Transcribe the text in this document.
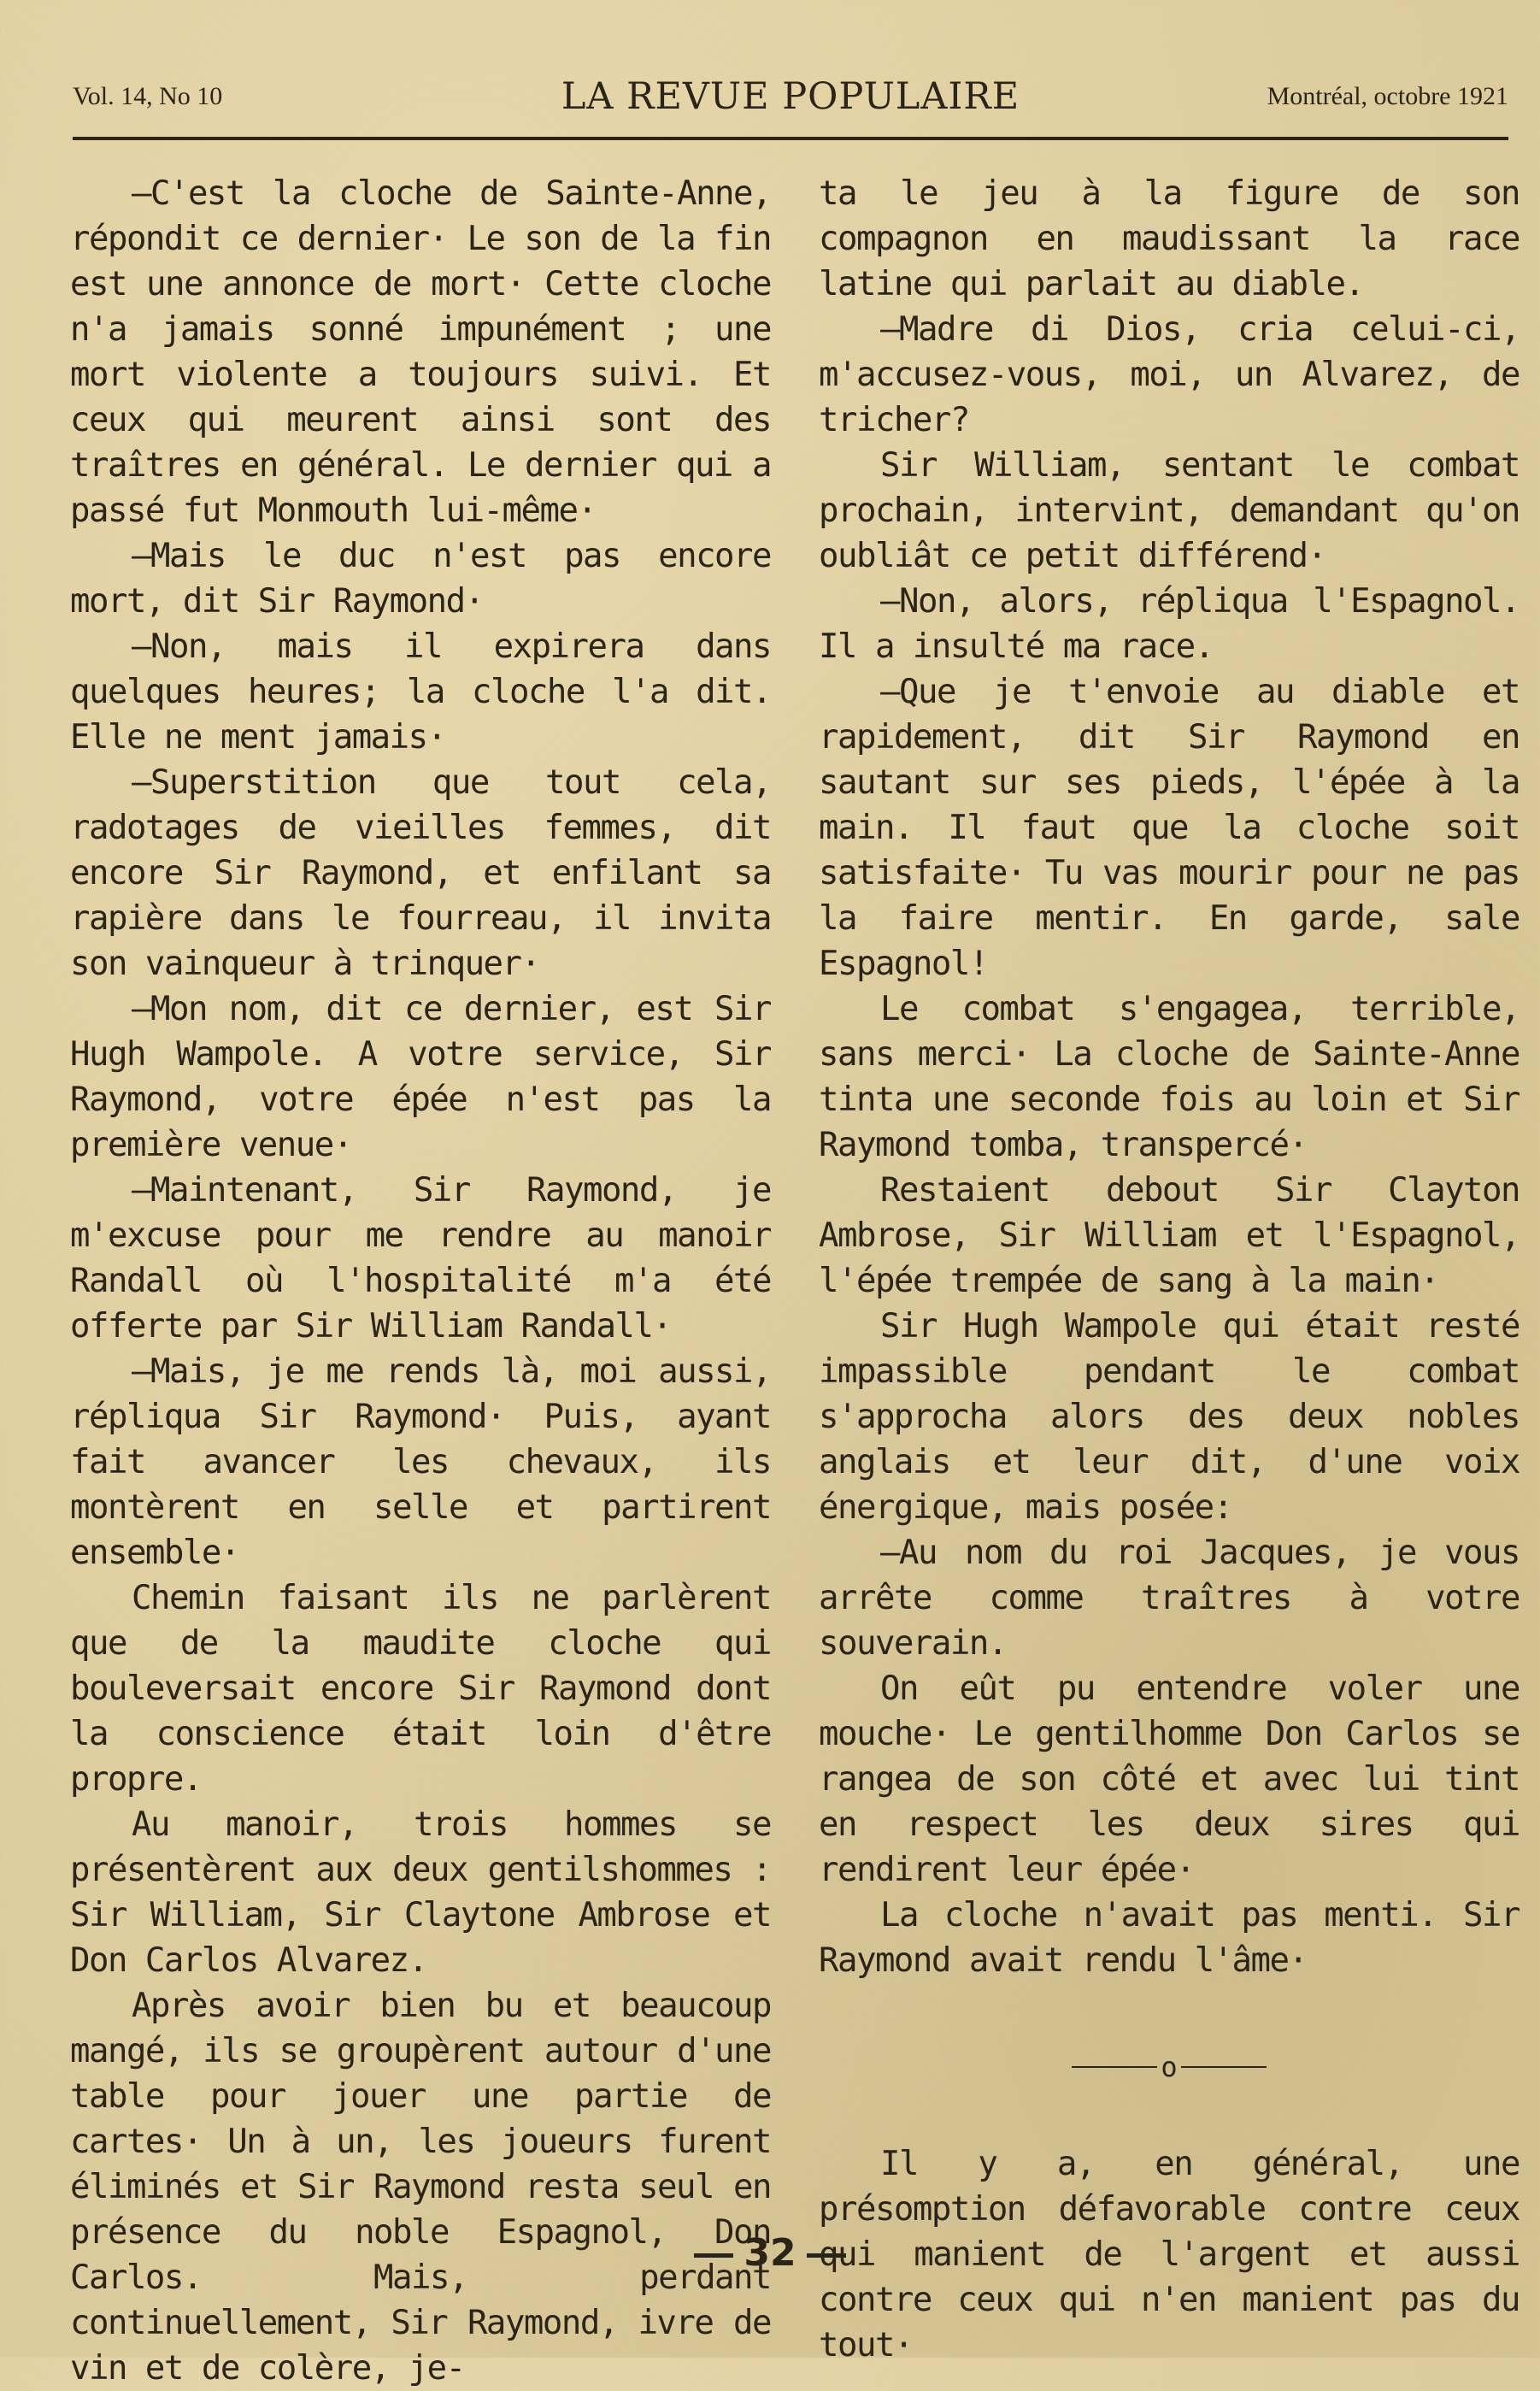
Vol. 14, No 10	LA REVUE POPULAIRE	Montréal, octobre 1921

—C'est la cloche de Sainte-Anne, répondit ce dernier· Le son de la fin est une annonce de mort· Cette cloche n'a jamais sonné impunément ; une mort violente a toujours suivi. Et ceux qui meurent ainsi sont des traîtres en général. Le dernier qui a passé fut Monmouth lui-même·

—Mais le duc n'est pas encore mort, dit Sir Raymond·

—Non, mais il expirera dans quelques heures; la cloche l'a dit. Elle ne ment jamais·

—Superstition que tout cela, radotages de vieilles femmes, dit encore Sir Raymond, et enfilant sa rapière dans le fourreau, il invita son vainqueur à trinquer·

—Mon nom, dit ce dernier, est Sir Hugh Wampole. A votre service, Sir Raymond, votre épée n'est pas la première venue·

—Maintenant, Sir Raymond, je m'excuse pour me rendre au manoir Randall où l'hospitalité m'a été offerte par Sir William Randall·

—Mais, je me rends là, moi aussi, répliqua Sir Raymond· Puis, ayant fait avancer les chevaux, ils montèrent en selle et partirent ensemble·

Chemin faisant ils ne parlèrent que de la maudite cloche qui bouleversait encore Sir Raymond dont la conscience était loin d'être propre.

Au manoir, trois hommes se présentèrent aux deux gentilshommes : Sir William, Sir Claytone Ambrose et Don Carlos Alvarez.

Après avoir bien bu et beaucoup mangé, ils se groupèrent autour d'une table pour jouer une partie de cartes· Un à un, les joueurs furent éliminés et Sir Raymond resta seul en présence du noble Espagnol, Don Carlos. Mais, perdant continuellement, Sir Raymond, ivre de vin et de colère, je-

ta le jeu à la figure de son compagnon en maudissant la race latine qui parlait au diable.

—Madre di Dios, cria celui-ci, m'accusez-vous, moi, un Alvarez, de tricher?

Sir William, sentant le combat prochain, intervint, demandant qu'on oubliât ce petit différend·

—Non, alors, répliqua l'Espagnol. Il a insulté ma race.

—Que je t'envoie au diable et rapidement, dit Sir Raymond en sautant sur ses pieds, l'épée à la main. Il faut que la cloche soit satisfaite· Tu vas mourir pour ne pas la faire mentir. En garde, sale Espagnol!

Le combat s'engagea, terrible, sans merci· La cloche de Sainte-Anne tinta une seconde fois au loin et Sir Raymond tomba, transpercé·

Restaient debout Sir Clayton Ambrose, Sir William et l'Espagnol, l'épée trempée de sang à la main·

Sir Hugh Wampole qui était resté impassible pendant le combat s'approcha alors des deux nobles anglais et leur dit, d'une voix énergique, mais posée:

—Au nom du roi Jacques, je vous arrête comme traîtres à votre souverain.

On eût pu entendre voler une mouche· Le gentilhomme Don Carlos se rangea de son côté et avec lui tint en respect les deux sires qui rendirent leur épée·

La cloche n'avait pas menti. Sir Raymond avait rendu l'âme·

o

Il y a, en général, une présomption défavorable contre ceux qui manient de l'argent et aussi contre ceux qui n'en manient pas du tout·

32
